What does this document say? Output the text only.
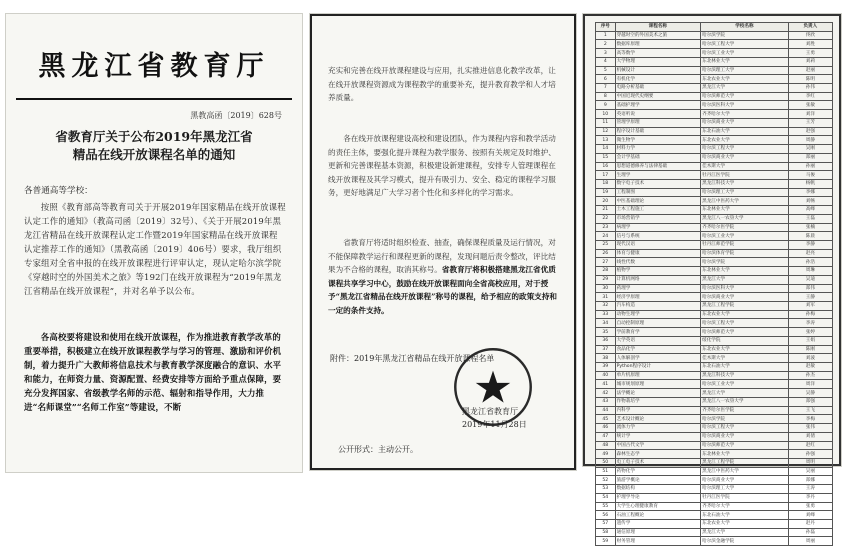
黑龙江省教育厅
黑教高函〔2019〕628号
省教育厅关于公布2019年黑龙江省
精品在线开放课程名单的通知
各普通高等学校：
按照《教育部高等教育司关于开展2019年国家精品在线开放课程认定工作的通知》（教高司函〔2019〕32号）、《关于开展2019年黑龙江省精品在线开放课程认定工作暨2019年国家精品在线开放课程认定推荐工作的通知》（黑教高函〔2019〕406号）要求，我厅组织专家组对全省申报的在线开放课程进行评审认定，现认定哈尔滨学院《穿越时空的外国美术之旅》等192门在线开放课程为“2019年黑龙江省精品在线开放课程”，并对名单予以公布。
各高校要将建设和使用在线开放课程，作为推进教育教学改革的重要举措，积极建立在线开放课程教学与学习的管理、激励和评价机制，着力提升广大教师将信息技术与教育教学深度融合的意识、水平和能力，在师资力量、资源配置、经费安排等方面给予重点保障，要充分发挥国家、省级教学名师的示范、辐射和指导作用，大力推进“名师课堂”“名师工作室”等建设，不断
充实和完善在线开放课程建设与应用，扎实推进信息化教学改革，让在线开放课程资源成为课程教学的重要补充，提升教育教学和人才培养质量。
各在线开放课程建设高校和建设团队，作为课程内容和教学活动的责任主体，要强化提升课程为教学服务、按照有关规定及时维护、更新和完善课程基本资源，积极建设新建课程，安排专人管理课程在线开放课程及其学习模式，提升有吸引力、安全、稳定的课程学习服务，更好地满足广大学习者个性化和多样化的学习需求。
省教育厅将适时组织检查、抽查，确保课程质量及运行情况，对不能保障教学运行和课程更新的课程，发现问题后责令整改，评比结果为不合格的课程，取消其称号。省教育厅将积极搭建黑龙江省优质课程共享学习中心，鼓励在线开放课程面向全省高校应用，对于授予“黑龙江省精品在线开放课程”称号的课程，给予相应的政策支持和一定的条件支持。
附件：2019年黑龙江省精品在线开放课程名单
黑龙江省教育厅
2019年11月28日
公开形式：主动公开。
序号	课程名称	学校名称	负责人
1	穿越时空的外国美术之旅	哈尔滨学院	佟欣
2	数据库原理	哈尔滨工程大学	刘胜
3	高等数学	哈尔滨工业大学	王勇
4	大学物理	东北林业大学	刘莉
5	机械设计	哈尔滨理工大学	赵丽
6	有机化学	东北农业大学	陈明
7	电路分析基础	黑龙江大学	孙伟
8	中国近现代史纲要	哈尔滨师范大学	李红
9	基础护理学	哈尔滨医科大学	张敏
10	英语听说	齐齐哈尔大学	刘洋
11	管理学原理	哈尔滨商业大学	王芳
12	程序设计基础	东北石油大学	赵强
13	微生物学	东北农业大学	周静
14	材料力学	哈尔滨工程大学	吴刚
15	会计学基础	哈尔滨商业大学	郑丽
16	思想道德修养与法律基础	佳木斯大学	孙丽
17	生理学	牡丹江医学院	马俊
18	数字电子技术	黑龙江科技大学	杨帆
19	工程制图	哈尔滨理工大学	李娜
20	中医基础理论	黑龙江中医药大学	刘畅
21	土木工程施工	东北林业大学	高峰
22	市场营销学	黑龙江八一农垦大学	王磊
23	病理学	齐齐哈尔医学院	张楠
24	信号与系统	哈尔滨工业大学	陈晨
25	现代汉语	牡丹江师范学院	李静
26	体育与健康	哈尔滨体育学院	赵亮
27	线性代数	哈尔滨学院	孙浩
28	植物学	东北林业大学	周琳
29	计算机网络	黑龙江大学	吴迪
30	药理学	哈尔滨医科大学	郑伟
31	经济学原理	哈尔滨商业大学	王静
32	汽车构造	黑龙江工程学院	刘军
33	动物生理学	东北农业大学	孙梅
34	自动控制原理	哈尔滨工程大学	李涛
35	学前教育学	哈尔滨师范大学	张婷
36	大学英语	绥化学院	王娟
37	食品化学	东北农业大学	陈刚
38	人体解剖学	佳木斯大学	刘波
39	Python程序设计	东北石油大学	赵敏
40	单片机原理	黑龙江科技大学	孙杰
41	城市规划原理	哈尔滨工业大学	周洋
42	法学概论	黑龙江大学	吴静
43	作物栽培学	黑龙江八一农垦大学	郑强
44	内科学	齐齐哈尔医学院	王飞
45	艺术设计概论	哈尔滨学院	李梅
46	流体力学	哈尔滨工程大学	张伟
47	统计学	哈尔滨商业大学	刘倩
48	中国古代文学	哈尔滨师范大学	赵红
49	森林生态学	东北林业大学	孙强
50	电工电子技术	黑龙江工程学院	周明
51	药物化学	黑龙江中医药大学	吴丽
52	旅游学概论	哈尔滨商业大学	郑娜
53	数据结构	哈尔滨理工大学	王涛
54	护理学导论	牡丹江医学院	李丹
55	大学生心理健康教育	齐齐哈尔大学	张勇
56	石油工程概论	东北石油大学	刘峰
57	遗传学	东北农业大学	赵丹
58	通信原理	黑龙江大学	孙磊
59	财务管理	哈尔滨金融学院	周丽
